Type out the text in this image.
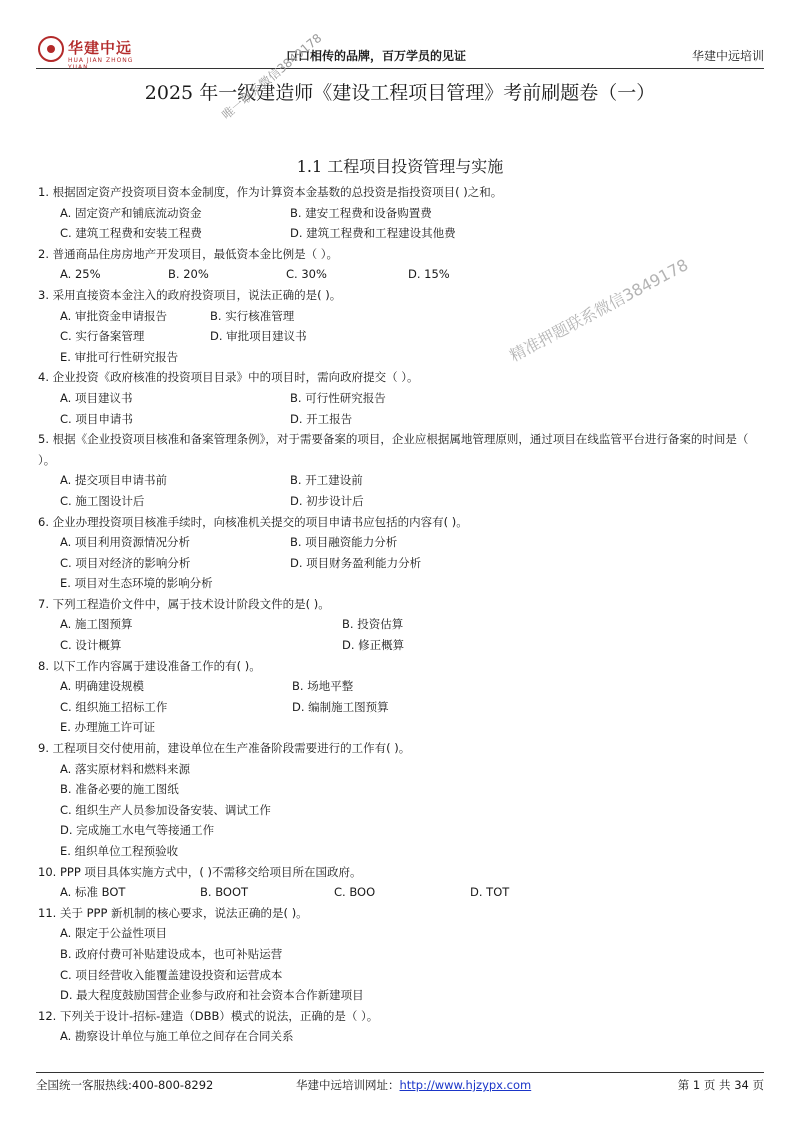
华建中远
HUA JIAN ZHONG YUAN
口口相传的品牌，百万学员的见证	华建中远培训
2025 年一级建造师《建设工程项目管理》考前刷题卷（一）
1.1 工程项目投资管理与实施
唯一联系微信3849178
精准押题联系微信3849178
1. 根据固定资产投资项目资本金制度，作为计算资本金基数的总投资是指投资项目( )之和。
A. 固定资产和铺底流动资金	B. 建安工程费和设备购置费
C. 建筑工程费和安装工程费	D. 建筑工程费和工程建设其他费
2. 普通商品住房房地产开发项目，最低资本金比例是（ ）。
A. 25%	B. 20%	C. 30%	D. 15%
3. 采用直接资本金注入的政府投资项目，说法正确的是( )。
A. 审批资金申请报告	B. 实行核准管理
C. 实行备案管理	D. 审批项目建议书
E. 审批可行性研究报告
4. 企业投资《政府核准的投资项目目录》中的项目时，需向政府提交（ ）。
A. 项目建议书	B. 可行性研究报告
C. 项目申请书	D. 开工报告
5. 根据《企业投资项目核准和备案管理条例》，对于需要备案的项目，企业应根据属地管理原则，通过项目在线监管平台进行备案的时间是（ ）。
A. 提交项目申请书前	B. 开工建设前
C. 施工图设计后	D. 初步设计后
6. 企业办理投资项目核准手续时，向核准机关提交的项目申请书应包括的内容有( )。
A. 项目利用资源情况分析	B. 项目融资能力分析
C. 项目对经济的影响分析	D. 项目财务盈利能力分析
E. 项目对生态环境的影响分析
7. 下列工程造价文件中，属于技术设计阶段文件的是( )。
A. 施工图预算	B. 投资估算
C. 设计概算	D. 修正概算
8. 以下工作内容属于建设准备工作的有( )。
A. 明确建设规模	B. 场地平整
C. 组织施工招标工作	D. 编制施工图预算
E. 办理施工许可证
9. 工程项目交付使用前，建设单位在生产准备阶段需要进行的工作有( )。
A. 落实原材料和燃料来源
B. 准备必要的施工图纸
C. 组织生产人员参加设备安装、调试工作
D. 完成施工水电气等接通工作
E. 组织单位工程预验收
10. PPP 项目具体实施方式中，( )不需移交给项目所在国政府。
A. 标准 BOT	B. BOOT	C. BOO	D. TOT
11. 关于 PPP 新机制的核心要求，说法正确的是( )。
A. 限定于公益性项目
B. 政府付费可补贴建设成本，也可补贴运营
C. 项目经营收入能覆盖建设投资和运营成本
D. 最大程度鼓励国营企业参与政府和社会资本合作新建项目
12. 下列关于设计-招标-建造（DBB）模式的说法，正确的是（ ）。
A. 勘察设计单位与施工单位之间存在合同关系
全国统一客服热线:400-800-8292	华建中远培训网址：http://www.hjzypx.com	第 1 页 共 34 页
